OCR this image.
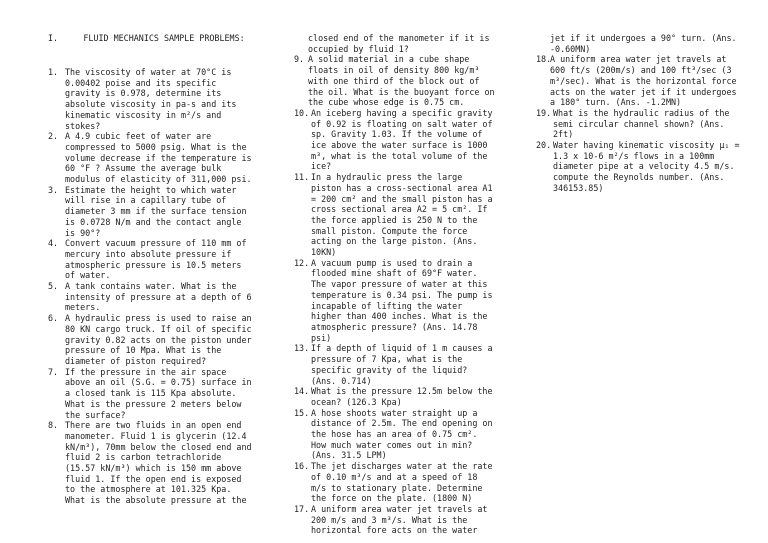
I.	FLUID MECHANICS SAMPLE PROBLEMS:
1. The viscosity of water at 70°C is 0.00402 poise and its specific gravity is 0.978, determine its absolute viscosity in pa-s and its kinematic viscosity in m²/s and stokes?
2. A 4.9 cubic feet of water are compressed to 5000 psig. What is the volume decrease if the temperature is 60 °F ? Assume the average bulk modulus of elasticity of 311,000 psi.
3. Estimate the height to which water will rise in a capillary tube of diameter 3 mm if the surface tension is 0.0728 N/m and the contact angle is 90°?
4. Convert vacuum pressure of 110 mm of mercury into absolute pressure if atmospheric pressure is 10.5 meters of water.
5. A tank contains water. What is the intensity of pressure at a depth of 6 meters.
6. A hydraulic press is used to raise an 80 KN cargo truck. If oil of specific gravity 0.82 acts on the piston under pressure of 10 Mpa. What is the diameter of piston required?
7. If the pressure in the air space above an oil (S.G. = 0.75) surface in a closed tank is 115 Kpa absolute. What is the pressure 2 meters below the surface?
8. There are two fluids in an open end manometer. Fluid 1 is glycerin (12.4 kN/m³), 70mm below the closed end and fluid 2 is carbon tetrachloride (15.57 kN/m³) which is 150 mm above fluid 1. If the open end is exposed to the atmosphere at 101.325 Kpa. What is the absolute pressure at the
closed end of the manometer if it is occupied by fluid 1?
9. A solid material in a cube shape floats in oil of density 800 kg/m³ with one third of the block out of the oil. What is the buoyant force on the cube whose edge is 0.75 cm.
10. An iceberg having a specific gravity of 0.92 is floating on salt water of sp. Gravity 1.03. If the volume of ice above the water surface is 1000 m³, what is the total volume of the ice?
11. In a hydraulic press the large piston has a cross-sectional area A1 = 200 cm² and the small piston has a cross sectional area A2 = 5 cm². If the force applied is 250 N to the small piston. Compute the force acting on the large piston. (Ans. 10KN)
12. A vacuum pump is used to drain a flooded mine shaft of 69°F water. The vapor pressure of water at this temperature is 0.34 psi. The pump is incapable of lifting the water higher than 400 inches. What is the atmospheric pressure? (Ans. 14.78 psi)
13. If a depth of liquid of 1 m causes a pressure of 7 Kpa, what is the specific gravity of the liquid? (Ans. 0.714)
14. What is the pressure 12.5m below the ocean? (126.3 Kpa)
15. A hose shoots water straight up a distance of 2.5m. The end opening on the hose has an area of 0.75 cm². How much water comes out in min? (Ans. 31.5 LPM)
16. The jet discharges water at the rate of 0.10 m³/s and at a speed of 18 m/s to stationary plate. Determine the force on the plate. (1800 N)
17. A uniform area water jet travels at 200 m/s and 3 m³/s. What is the horizontal fore acts on the water
jet if it undergoes a 90° turn. (Ans. -0.60MN)
18.
A uniform area water jet travels at 600 ft/s (200m/s) and 100 ft³/sec (3 m³/sec). What is the horizontal force acts on the water jet if it undergoes a 180° turn. (Ans. -1.2MN)
19. What is the hydraulic radius of the semi circular channel shown? (Ans. 2ft)
20. Water having kinematic viscosity μ₁ = 1.3 x 10-6 m²/s flows in a 100mm diameter pipe at a velocity 4.5 m/s. compute the Reynolds number. (Ans. 346153.85)
